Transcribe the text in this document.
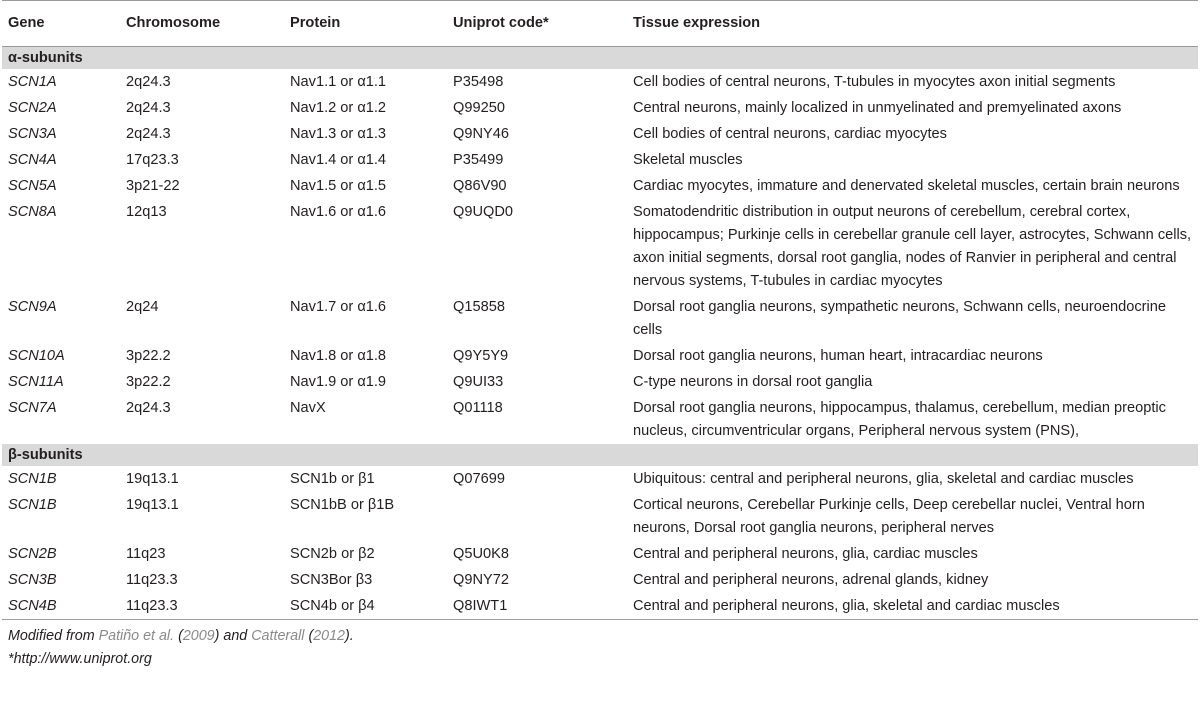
Gene	Chromosome	Protein	Uniprot code*	Tissue expression
α-subunits				
SCN1A	2q24.3	Nav1.1 or α1.1	P35498	Cell bodies of central neurons, T-tubules in myocytes axon initial segments
SCN2A	2q24.3	Nav1.2 or α1.2	Q99250	Central neurons, mainly localized in unmyelinated and premyelinated axons
SCN3A	2q24.3	Nav1.3 or α1.3	Q9NY46	Cell bodies of central neurons, cardiac myocytes
SCN4A	17q23.3	Nav1.4 or α1.4	P35499	Skeletal muscles
SCN5A	3p21-22	Nav1.5 or α1.5	Q86V90	Cardiac myocytes, immature and denervated skeletal muscles, certain brain neurons
SCN8A	12q13	Nav1.6 or α1.6	Q9UQD0	Somatodendritic distribution in output neurons of cerebellum, cerebral cortex, hippocampus; Purkinje cells in cerebellar granule cell layer, astrocytes, Schwann cells, axon initial segments, dorsal root ganglia, nodes of Ranvier in peripheral and central nervous systems, T-tubules in cardiac myocytes
SCN9A	2q24	Nav1.7 or α1.6	Q15858	Dorsal root ganglia neurons, sympathetic neurons, Schwann cells, neuroendocrine cells
SCN10A	3p22.2	Nav1.8 or α1.8	Q9Y5Y9	Dorsal root ganglia neurons, human heart, intracardiac neurons
SCN11A	3p22.2	Nav1.9 or α1.9	Q9UI33	C-type neurons in dorsal root ganglia
SCN7A	2q24.3	NavX	Q01118	Dorsal root ganglia neurons, hippocampus, thalamus, cerebellum, median preoptic nucleus, circumventricular organs, Peripheral nervous system (PNS),
β-subunits				
SCN1B	19q13.1	SCN1b or β1	Q07699	Ubiquitous: central and peripheral neurons, glia, skeletal and cardiac muscles
SCN1B	19q13.1	SCN1bB or β1B		Cortical neurons, Cerebellar Purkinje cells, Deep cerebellar nuclei, Ventral horn neurons, Dorsal root ganglia neurons, peripheral nerves
SCN2B	11q23	SCN2b or β2	Q5U0K8	Central and peripheral neurons, glia, cardiac muscles
SCN3B	11q23.3	SCN3Bor β3	Q9NY72	Central and peripheral neurons, adrenal glands, kidney
SCN4B	11q23.3	SCN4b or β4	Q8IWT1	Central and peripheral neurons, glia, skeletal and cardiac muscles
Modified from Patiño et al. (2009) and Catterall (2012).
*http://www.uniprot.org
